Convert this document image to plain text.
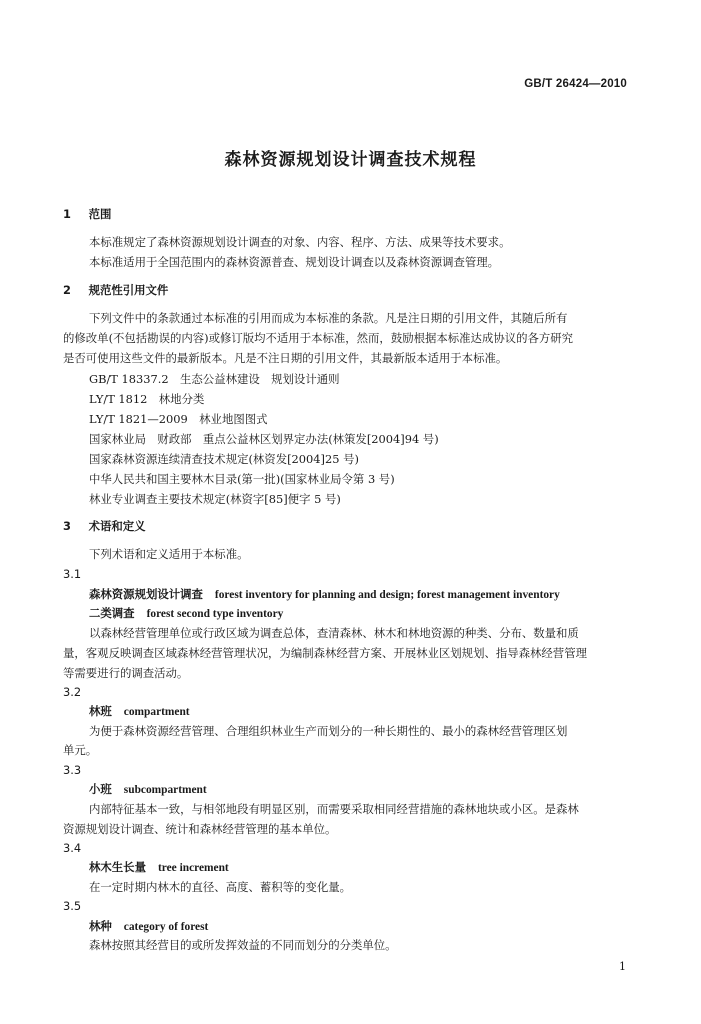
GB/T 26424—2010
森林资源规划设计调查技术规程
1 范围
本标准规定了森林资源规划设计调查的对象、内容、程序、方法、成果等技术要求。
本标准适用于全国范围内的森林资源普查、规划设计调查以及森林资源调查管理。
2 规范性引用文件
下列文件中的条款通过本标准的引用而成为本标准的条款。凡是注日期的引用文件，其随后所有
的修改单(不包括勘误的内容)或修订版均不适用于本标准，然而，鼓励根据本标准达成协议的各方研究
是否可使用这些文件的最新版本。凡是不注日期的引用文件，其最新版本适用于本标准。
GB/T 18337.2　生态公益林建设　规划设计通则
LY/T 1812　林地分类
LY/T 1821—2009　林业地图图式
国家林业局　财政部　重点公益林区划界定办法(林策发[2004]94 号)
国家森林资源连续清查技术规定(林资发[2004]25 号)
中华人民共和国主要林木目录(第一批)(国家林业局令第 3 号)
林业专业调查主要技术规定(林资字[85]便字 5 号)
3 术语和定义
下列术语和定义适用于本标准。
3.1
森林资源规划设计调查 forest inventory for planning and design; forest management inventory
二类调查 forest second type inventory
以森林经营管理单位或行政区域为调查总体，查清森林、林木和林地资源的种类、分布、数量和质
量，客观反映调查区域森林经营管理状况，为编制森林经营方案、开展林业区划规划、指导森林经营管理
等需要进行的调查活动。
3.2
林班 compartment
为便于森林资源经营管理、合理组织林业生产而划分的一种长期性的、最小的森林经营管理区划
单元。
3.3
小班 subcompartment
内部特征基本一致，与相邻地段有明显区别，而需要采取相同经营措施的森林地块或小区。是森林
资源规划设计调查、统计和森林经营管理的基本单位。
3.4
林木生长量 tree increment
在一定时期内林木的直径、高度、蓄积等的变化量。
3.5
林种 category of forest
森林按照其经营目的或所发挥效益的不同而划分的分类单位。
1
